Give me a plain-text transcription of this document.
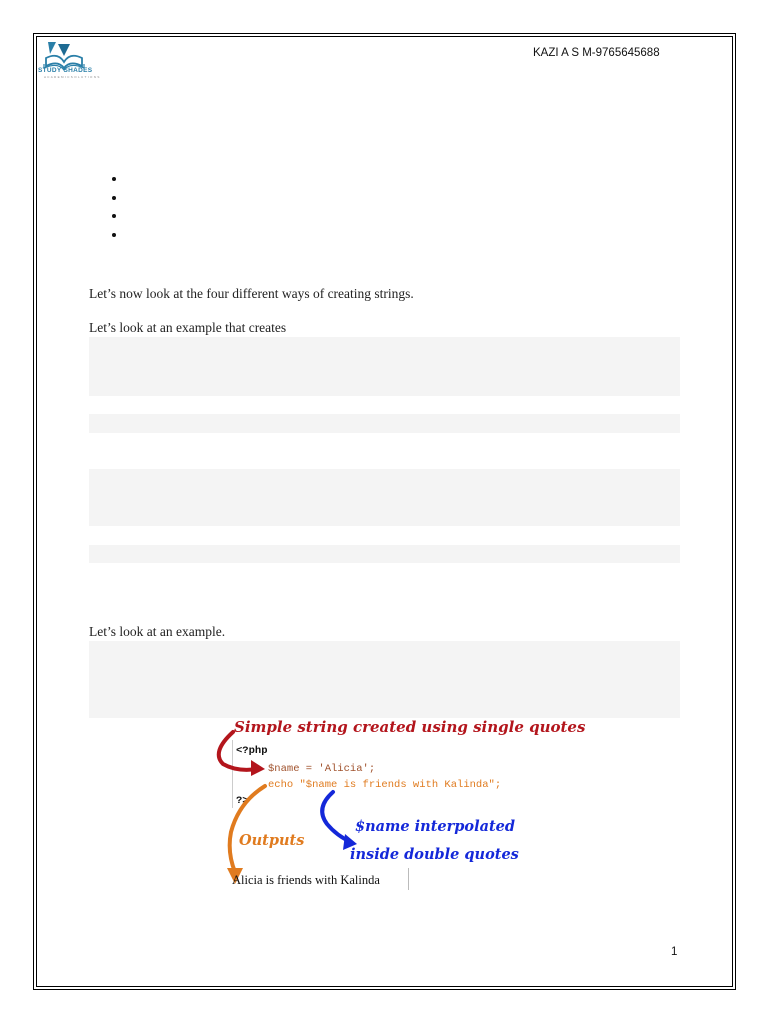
STUDY SHADES
A C A D E M I C S O L U T I O N S
KAZI A S M-9765645688
Let’s now look at the four different ways of creating strings.
Let’s look at an example that creates
Let’s look at an example.
Simple string created using single quotes
<?php
$name = 'Alicia';
echo "$name is friends with Kalinda";
?>
Outputs
$name interpolated
inside double quotes
Alicia is friends with Kalinda
1
